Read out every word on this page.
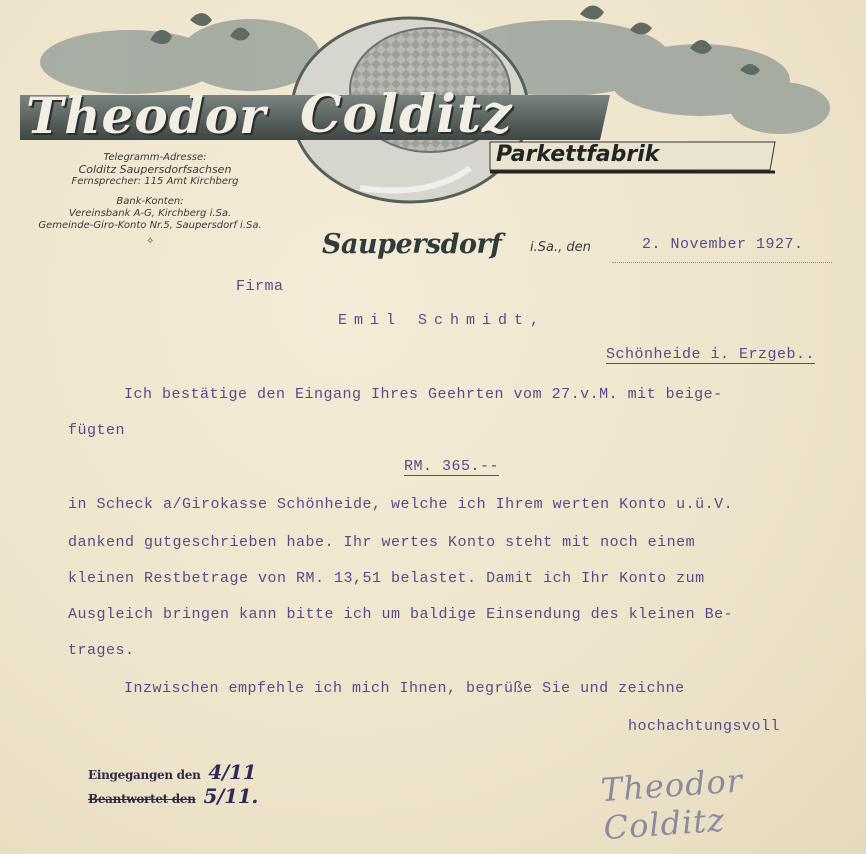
Theodor Colditz
Parkettfabrik
Telegramm-Adresse:
Colditz Saupersdorfsachsen
Fernsprecher: 115 Amt Kirchberg
Bank-Konten:
Vereinsbank A-G, Kirchberg i.Sa.
Gemeinde-Giro-Konto Nr.5, Saupersdorf i.Sa.
✧	Saupersdorf i.Sa., den	2. November 1927.
Firma
Emil Schmidt,
Schönheide i. Erzgeb..
Ich bestätige den Eingang Ihres Geehrten vom 27.v.M. mit beige-
fügten
RM. 365.--
in Scheck a/Girokasse Schönheide, welche ich Ihrem werten Konto u.ü.V.
dankend gutgeschrieben habe. Ihr wertes Konto steht mit noch einem
kleinen Restbetrage von RM. 13,51 belastet. Damit ich Ihr Konto zum
Ausgleich bringen kann bitte ich um baldige Einsendung des kleinen Be-
trages.
Inzwischen empfehle ich mich Ihnen, begrüße Sie und zeichne
hochachtungsvoll
Eingegangen den 4/11
Beantwortet den 5/11.	Theodor Colditz
